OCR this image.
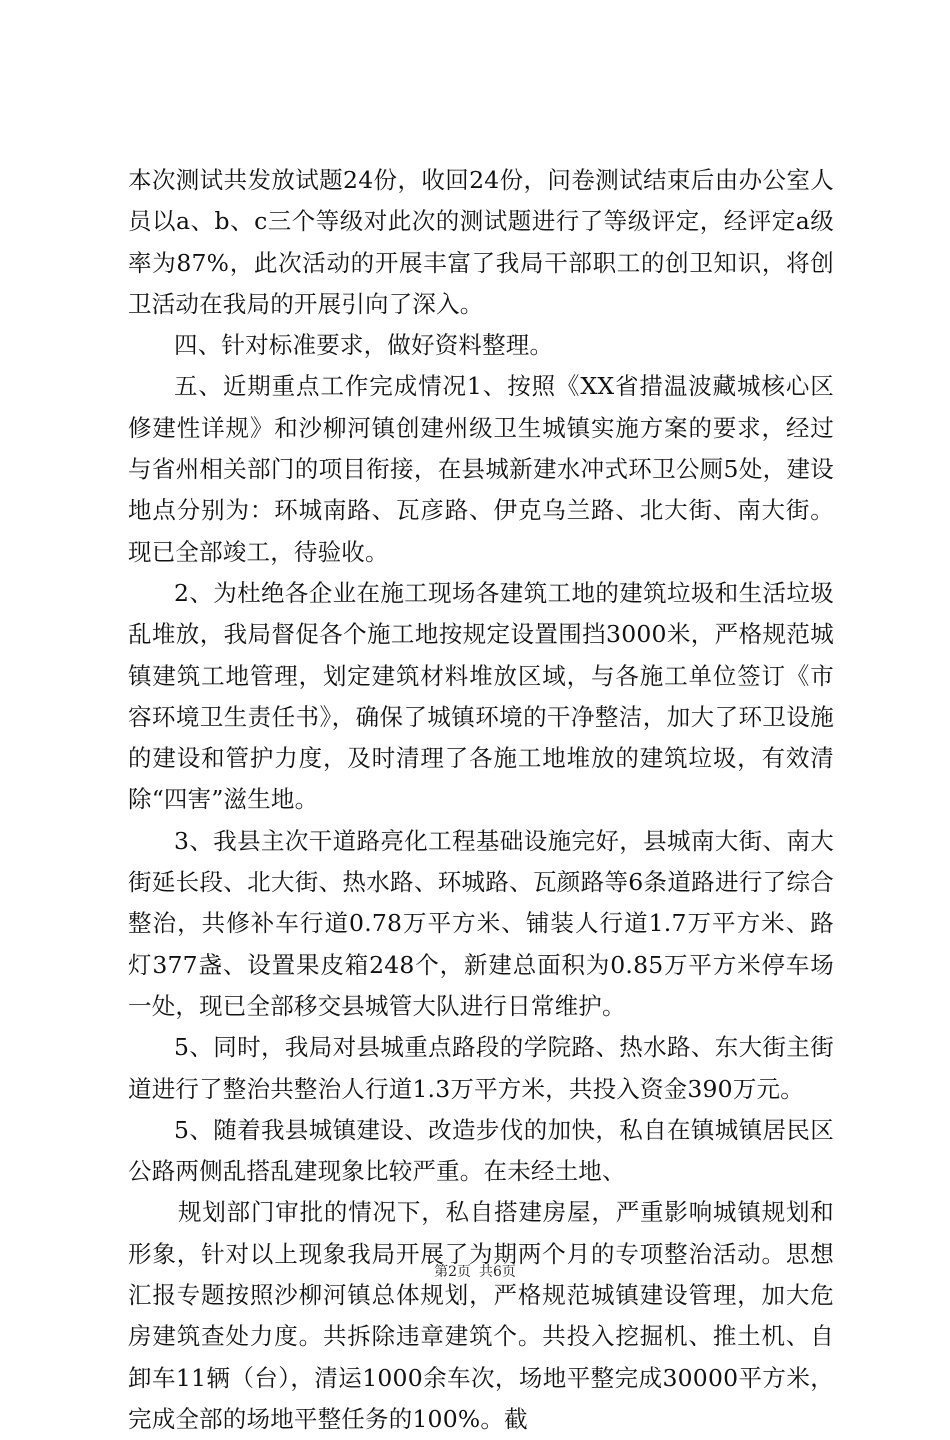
本次测试共发放试题24份，收回24份，问卷测试结束后由办公室人员以a、b、c三个等级对此次的测试题进行了等级评定，经评定a级率为87%，此次活动的开展丰富了我局干部职工的创卫知识，将创卫活动在我局的开展引向了深入。

四、针对标准要求，做好资料整理。

五、近期重点工作完成情况1、按照《XX省措温波藏城核心区修建性详规》和沙柳河镇创建州级卫生城镇实施方案的要求，经过与省州相关部门的项目衔接，在县城新建水冲式环卫公厕5处，建设地点分别为：环城南路、瓦彦路、伊克乌兰路、北大街、南大街。现已全部竣工，待验收。

2、为杜绝各企业在施工现场各建筑工地的建筑垃圾和生活垃圾乱堆放，我局督促各个施工地按规定设置围挡3000米，严格规范城镇建筑工地管理，划定建筑材料堆放区域，与各施工单位签订《市容环境卫生责任书》，确保了城镇环境的干净整洁，加大了环卫设施的建设和管护力度，及时清理了各施工地堆放的建筑垃圾，有效清除“四害”滋生地。

3、我县主次干道路亮化工程基础设施完好，县城南大街、南大街延长段、北大街、热水路、环城路、瓦颜路等6条道路进行了综合整治，共修补车行道0.78万平方米、铺装人行道1.7万平方米、路灯377盏、设置果皮箱248个，新建总面积为0.85万平方米停车场一处，现已全部移交县城管大队进行日常维护。

5、同时，我局对县城重点路段的学院路、热水路、东大街主街道进行了整治共整治人行道1.3万平方米，共投入资金390万元。

5、随着我县城镇建设、改造步伐的加快，私自在镇城镇居民区公路两侧乱搭乱建现象比较严重。在未经土地、

规划部门审批的情况下，私自搭建房屋，严重影响城镇规划和形象，针对以上现象我局开展了为期两个月的专项整治活动。思想汇报专题按照沙柳河镇总体规划，严格规范城镇建设管理，加大危房建筑查处力度。共拆除违章建筑个。共投入挖掘机、推土机、自卸车11辆（台），清运1000余车次，场地平整完成30000平方米，完成全部的场地平整任务的100%。截

第2页 共6页
